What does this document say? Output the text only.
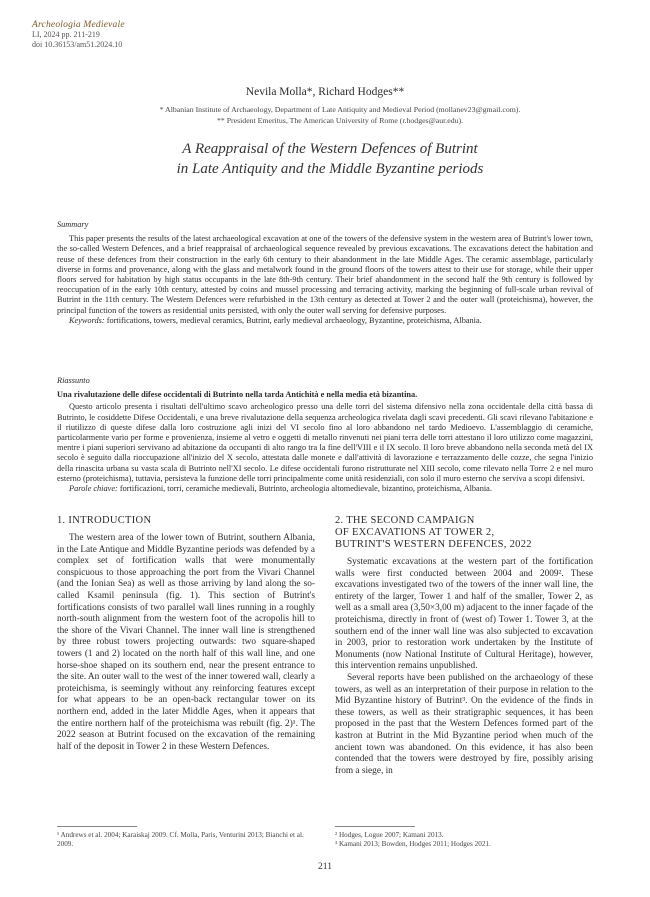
Archeologia Medievale
LI, 2024 pp. 211-219
doi 10.36153/am51.2024.10
Nevila Molla*, Richard Hodges**
* Albanian Institute of Archaeology, Department of Late Antiquity and Medieval Period (mollanev23@gmail.com).
** President Emeritus, The American University of Rome (r.hodges@aur.edu).
A Reappraisal of the Western Defences of Butrint
in Late Antiquity and the Middle Byzantine periods

Summary

This paper presents the results of the latest archaeological excavation at one of the towers of the defensive system in the western area of Butrint's lower town, the so-called Western Defences, and a brief reappraisal of archaeological sequence revealed by previous excavations. The excavations detect the habitation and reuse of these defences from their construction in the early 6th century to their abandonment in the late Middle Ages. The ceramic assemblage, particularly diverse in forms and provenance, along with the glass and metalwork found in the ground floors of the towers attest to their use for storage, while their upper floors served for habitation by high status occupants in the late 8th-9th century. Their brief abandonment in the second half the 9th century is followed by reoccupation of in the early 10th century, attested by coins and mussel processing and terracing activity, marking the beginning of full-scale urban revival of Butrint in the 11th century. The Western Defences were refurbished in the 13th century as detected at Tower 2 and the outer wall (proteichisma), however, the principal function of the towers as residential units persisted, with only the outer wall serving for defensive purposes.

Keywords: fortifications, towers, medieval ceramics, Butrint, early medieval archaeology, Byzantine, proteichisma, Albania.

Riassunto

Una rivalutazione delle difese occidentali di Butrinto nella tarda Antichità e nella media età bizantina.

Questo articolo presenta i risultati dell'ultimo scavo archeologico presso una delle torri del sistema difensivo nella zona occidentale della città bassa di Butrinto, le cosiddette Difese Occidentali, e una breve rivalutazione della sequenza archeologica rivelata dagli scavi precedenti. Gli scavi rilevano l'abitazione e il riutilizzo di queste difese dalla loro costruzione agli inizi del VI secolo fino al loro abbandono nel tardo Medioevo. L'assemblaggio di ceramiche, particolarmente vario per forme e provenienza, insieme al vetro e oggetti di metallo rinvenuti nei piani terra delle torri attestano il loro utilizzo come magazzini, mentre i piani superiori servivano ad abitazione da occupanti di alto rango tra la fine dell'VIII e il IX secolo. Il loro breve abbandono nella seconda metà del IX secolo è seguito dalla rioccupazione all'inizio del X secolo, attestata dalle monete e dall'attività di lavorazione e terrazzamento delle cozze, che segna l'inizio della rinascita urbana su vasta scala di Butrinto nell'XI secolo. Le difese occidentali furono ristrutturate nel XIII secolo, come rilevato nella Torre 2 e nel muro esterno (proteichisma), tuttavia, persisteva la funzione delle torri principalmente come unità residenziali, con solo il muro esterno che serviva a scopi difensivi.

Parole chiave: fortificazioni, torri, ceramiche medievali, Butrinto, archeologia altomedievale, bizantino, proteichisma, Albania.

1. INTRODUCTION

The western area of the lower town of Butrint, southern Albania, in the Late Antique and Middle Byzantine periods was defended by a complex set of fortification walls that were monumentally conspicuous to those approaching the port from the Vivari Channel (and the Ionian Sea) as well as those arriving by land along the so-called Ksamil peninsula (fig. 1). This section of Butrint's fortifications consists of two parallel wall lines running in a roughly north-south alignment from the western foot of the acropolis hill to the shore of the Vivari Channel. The inner wall line is strengthened by three robust towers projecting outwards: two square-shaped towers (1 and 2) located on the north half of this wall line, and one horse-shoe shaped on its southern end, near the present entrance to the site. An outer wall to the west of the inner towered wall, clearly a proteichisma, is seemingly without any reinforcing features except for what appears to be an open-back rectangular tower on its northern end, added in the later Middle Ages, when it appears that the entire northern half of the proteichisma was rebuilt (fig. 2)¹. The 2022 season at Butrint focused on the excavation of the remaining half of the deposit in Tower 2 in these Western Defences.

2. THE SECOND CAMPAIGN
OF EXCAVATIONS AT TOWER 2,
BUTRINT'S WESTERN DEFENCES, 2022

Systematic excavations at the western part of the fortification walls were first conducted between 2004 and 2009². These excavations investigated two of the towers of the inner wall line, the entirety of the larger, Tower 1 and half of the smaller, Tower 2, as well as a small area (3,50×3,00 m) adjacent to the inner façade of the proteichisma, directly in front of (west of) Tower 1. Tower 3, at the southern end of the inner wall line was also subjected to excavation in 2003, prior to restoration work undertaken by the Institute of Monuments (now National Institute of Cultural Heritage), however, this intervention remains unpublished.

Several reports have been published on the archaeology of these towers, as well as an interpretation of their purpose in relation to the Mid Byzantine history of Butrint³. On the evidence of the finds in these towers, as well as their stratigraphic sequences, it has been proposed in the past that the Western Defences formed part of the kastron at Butrint in the Mid Byzantine period when much of the ancient town was abandoned. On this evidence, it has also been contended that the towers were destroyed by fire, possibly arising from a siege, in

¹ Andrews et al. 2004; Karaiskaj 2009. Cf. Molla, Paris, Venturini 2013; Bianchi et al. 2009.
² Hodges, Logue 2007; Kamani 2013.
³ Kamani 2013; Bowden, Hodges 2011; Hodges 2021.
211
